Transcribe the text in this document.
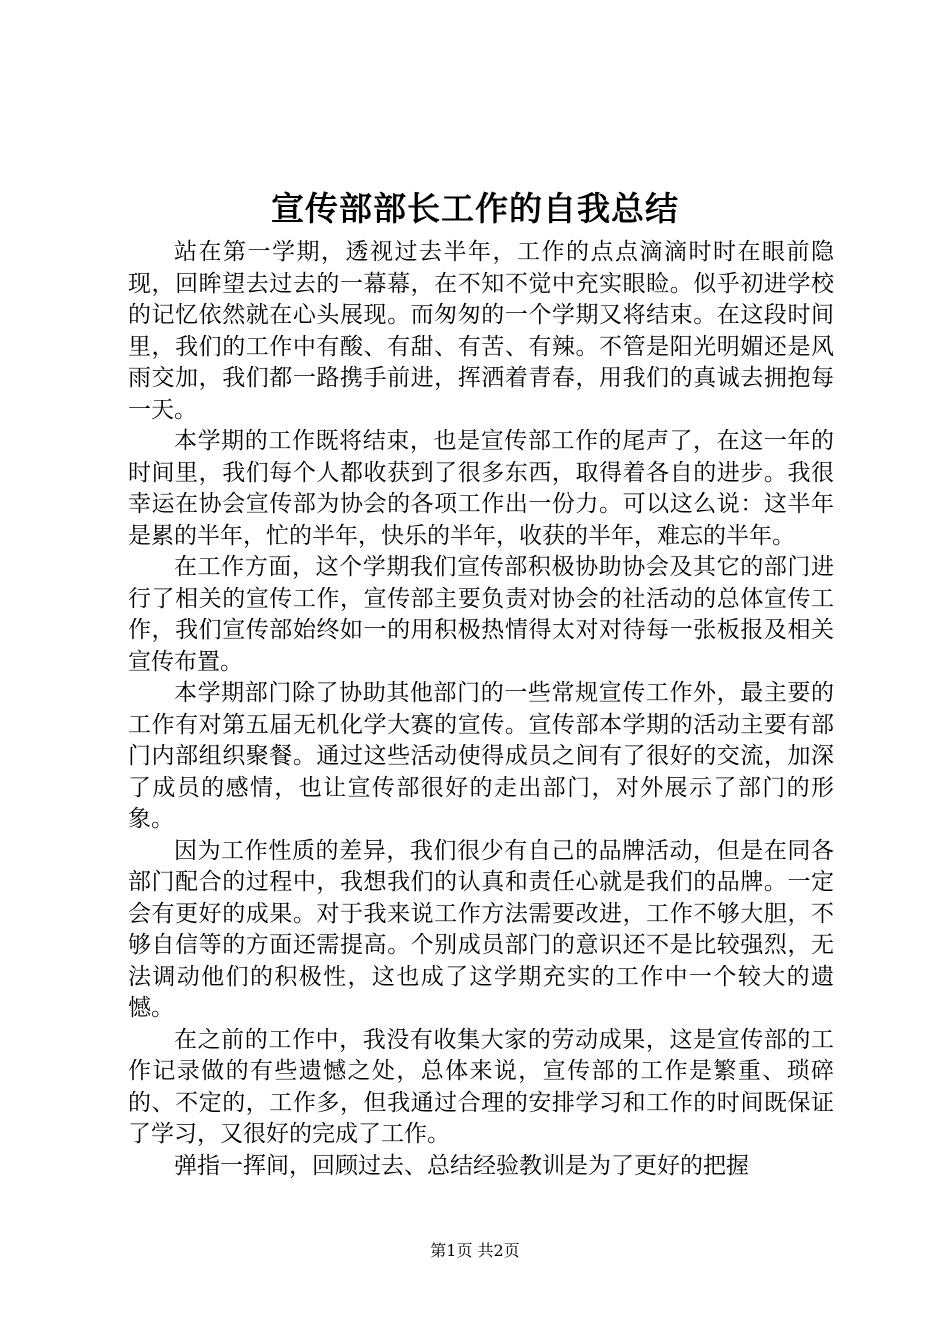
宣传部部长工作的自我总结

站在第一学期，透视过去半年，工作的点点滴滴时时在眼前隐现，回眸望去过去的一幕幕，在不知不觉中充实眼睑。似乎初进学校的记忆依然就在心头展现。而匆匆的一个学期又将结束。在这段时间里，我们的工作中有酸、有甜、有苦、有辣。不管是阳光明媚还是风雨交加，我们都一路携手前进，挥洒着青春，用我们的真诚去拥抱每一天。

本学期的工作既将结束，也是宣传部工作的尾声了，在这一年的时间里，我们每个人都收获到了很多东西，取得着各自的进步。我很幸运在协会宣传部为协会的各项工作出一份力。可以这么说：这半年是累的半年，忙的半年，快乐的半年，收获的半年，难忘的半年。

在工作方面，这个学期我们宣传部积极协助协会及其它的部门进行了相关的宣传工作，宣传部主要负责对协会的社活动的总体宣传工作，我们宣传部始终如一的用积极热情得太对对待每一张板报及相关宣传布置。

本学期部门除了协助其他部门的一些常规宣传工作外，最主要的工作有对第五届无机化学大赛的宣传。宣传部本学期的活动主要有部门内部组织聚餐。通过这些活动使得成员之间有了很好的交流，加深了成员的感情，也让宣传部很好的走出部门，对外展示了部门的形象。

因为工作性质的差异，我们很少有自己的品牌活动，但是在同各部门配合的过程中，我想我们的认真和责任心就是我们的品牌。一定会有更好的成果。对于我来说工作方法需要改进，工作不够大胆，不够自信等的方面还需提高。个别成员部门的意识还不是比较强烈，无法调动他们的积极性，这也成了这学期充实的工作中一个较大的遗憾。

在之前的工作中，我没有收集大家的劳动成果，这是宣传部的工作记录做的有些遗憾之处，总体来说，宣传部的工作是繁重、琐碎的、不定的，工作多，但我通过合理的安排学习和工作的时间既保证了学习，又很好的完成了工作。

弹指一挥间，回顾过去、总结经验教训是为了更好的把握

第1页 共2页
